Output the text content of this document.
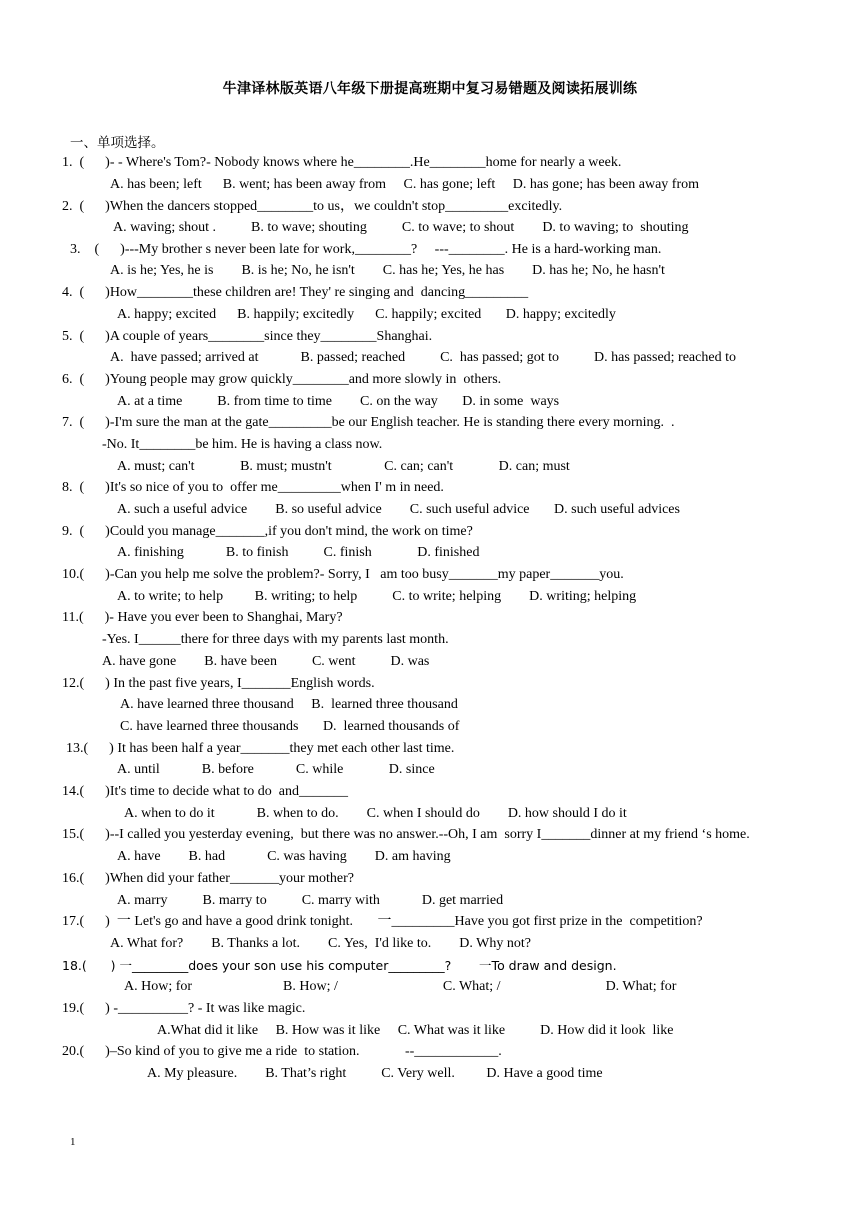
牛津译林版英语八年级下册提高班期中复习易错题及阅读拓展训练
一、单项选择。
1.  (      )- - Where's Tom?- Nobody knows where he________.He________home for nearly a week.
A. has been; left      B. went; has been away from     C. has gone; left     D. has gone; has been away from
2.  (      )When the dancers stopped________to us，we couldn't stop_________excitedly.
A. waving; shout .          B. to wave; shouting          C. to wave; to shout        D. to waving; to  shouting
3.    (      )---My brother s never been late for work,________?     ---________. He is a hard-working man.
A. is he; Yes, he is        B. is he; No, he isn't        C. has he; Yes, he has        D. has he; No, he hasn't
4.  (      )How________these children are! They' re singing and  dancing_________
A. happy; excited      B. happily; excitedly      C. happily; excited       D. happy; excitedly
5.  (      )A couple of years________since they________Shanghai.
A.  have passed; arrived at            B. passed; reached          C.  has passed; got to          D. has passed; reached to
6.  (      )Young people may grow quickly________and more slowly in  others.
A. at a time          B. from time to time        C. on the way       D. in some  ways
7.  (      )-I'm sure the man at the gate_________be our English teacher. He is standing there every morning.  .
-No. It________be him. He is having a class now.
A. must; can't             B. must; mustn't               C. can; can't             D. can; must
8.  (      )It's so nice of you to  offer me_________when I' m in need.
A. such a useful advice        B. so useful advice        C. such useful advice       D. such useful advices
9.  (      )Could you manage_______,if you don't mind, the work on time?
A. finishing            B. to finish          C. finish             D. finished
10.(      )-Can you help me solve the problem?- Sorry, I   am too busy_______my paper_______you.
A. to write; to help         B. writing; to help          C. to write; helping        D. writing; helping
11.(      )- Have you ever been to Shanghai, Mary?
-Yes. I______there for three days with my parents last month.
A. have gone        B. have been          C. went          D. was
12.(      ) In the past five years, I_______English words.
A. have learned three thousand     B.  learned three thousand
C. have learned three thousands       D.  learned thousands of
13.(      ) It has been half a year_______they met each other last time.
A. until            B. before            C. while             D. since
14.(      )It's time to decide what to do  and_______
A. when to do it            B. when to do.        C. when I should do        D. how should I do it
15.(      )--I called you yesterday evening,  but there was no answer.--Oh, I am  sorry I_______dinner at my friend ‘s home.
A. have        B. had            C. was having        D. am having
16.(      )When did your father_______your mother?
A. marry          B. marry to          C. marry with            D. get married
17.(      )  一 Let's go and have a good drink tonight.       一_________Have you got first prize in the  competition?
A. What for?        B. Thanks a lot.        C. Yes,  I'd like to.        D. Why not?
18.(      ) 一_________does your son use his computer_________?       一To draw and design.
A. How; for                          B. How; /                              C. What; /                              D. What; for
19.(      ) -__________? - It was like magic.
A.What did it like     B. How was it like     C. What was it like          D. How did it look  like
20.(      )–So kind of you to give me a ride  to station.             --____________.
A. My pleasure.        B. That’s right          C. Very well.         D. Have a good time
1
